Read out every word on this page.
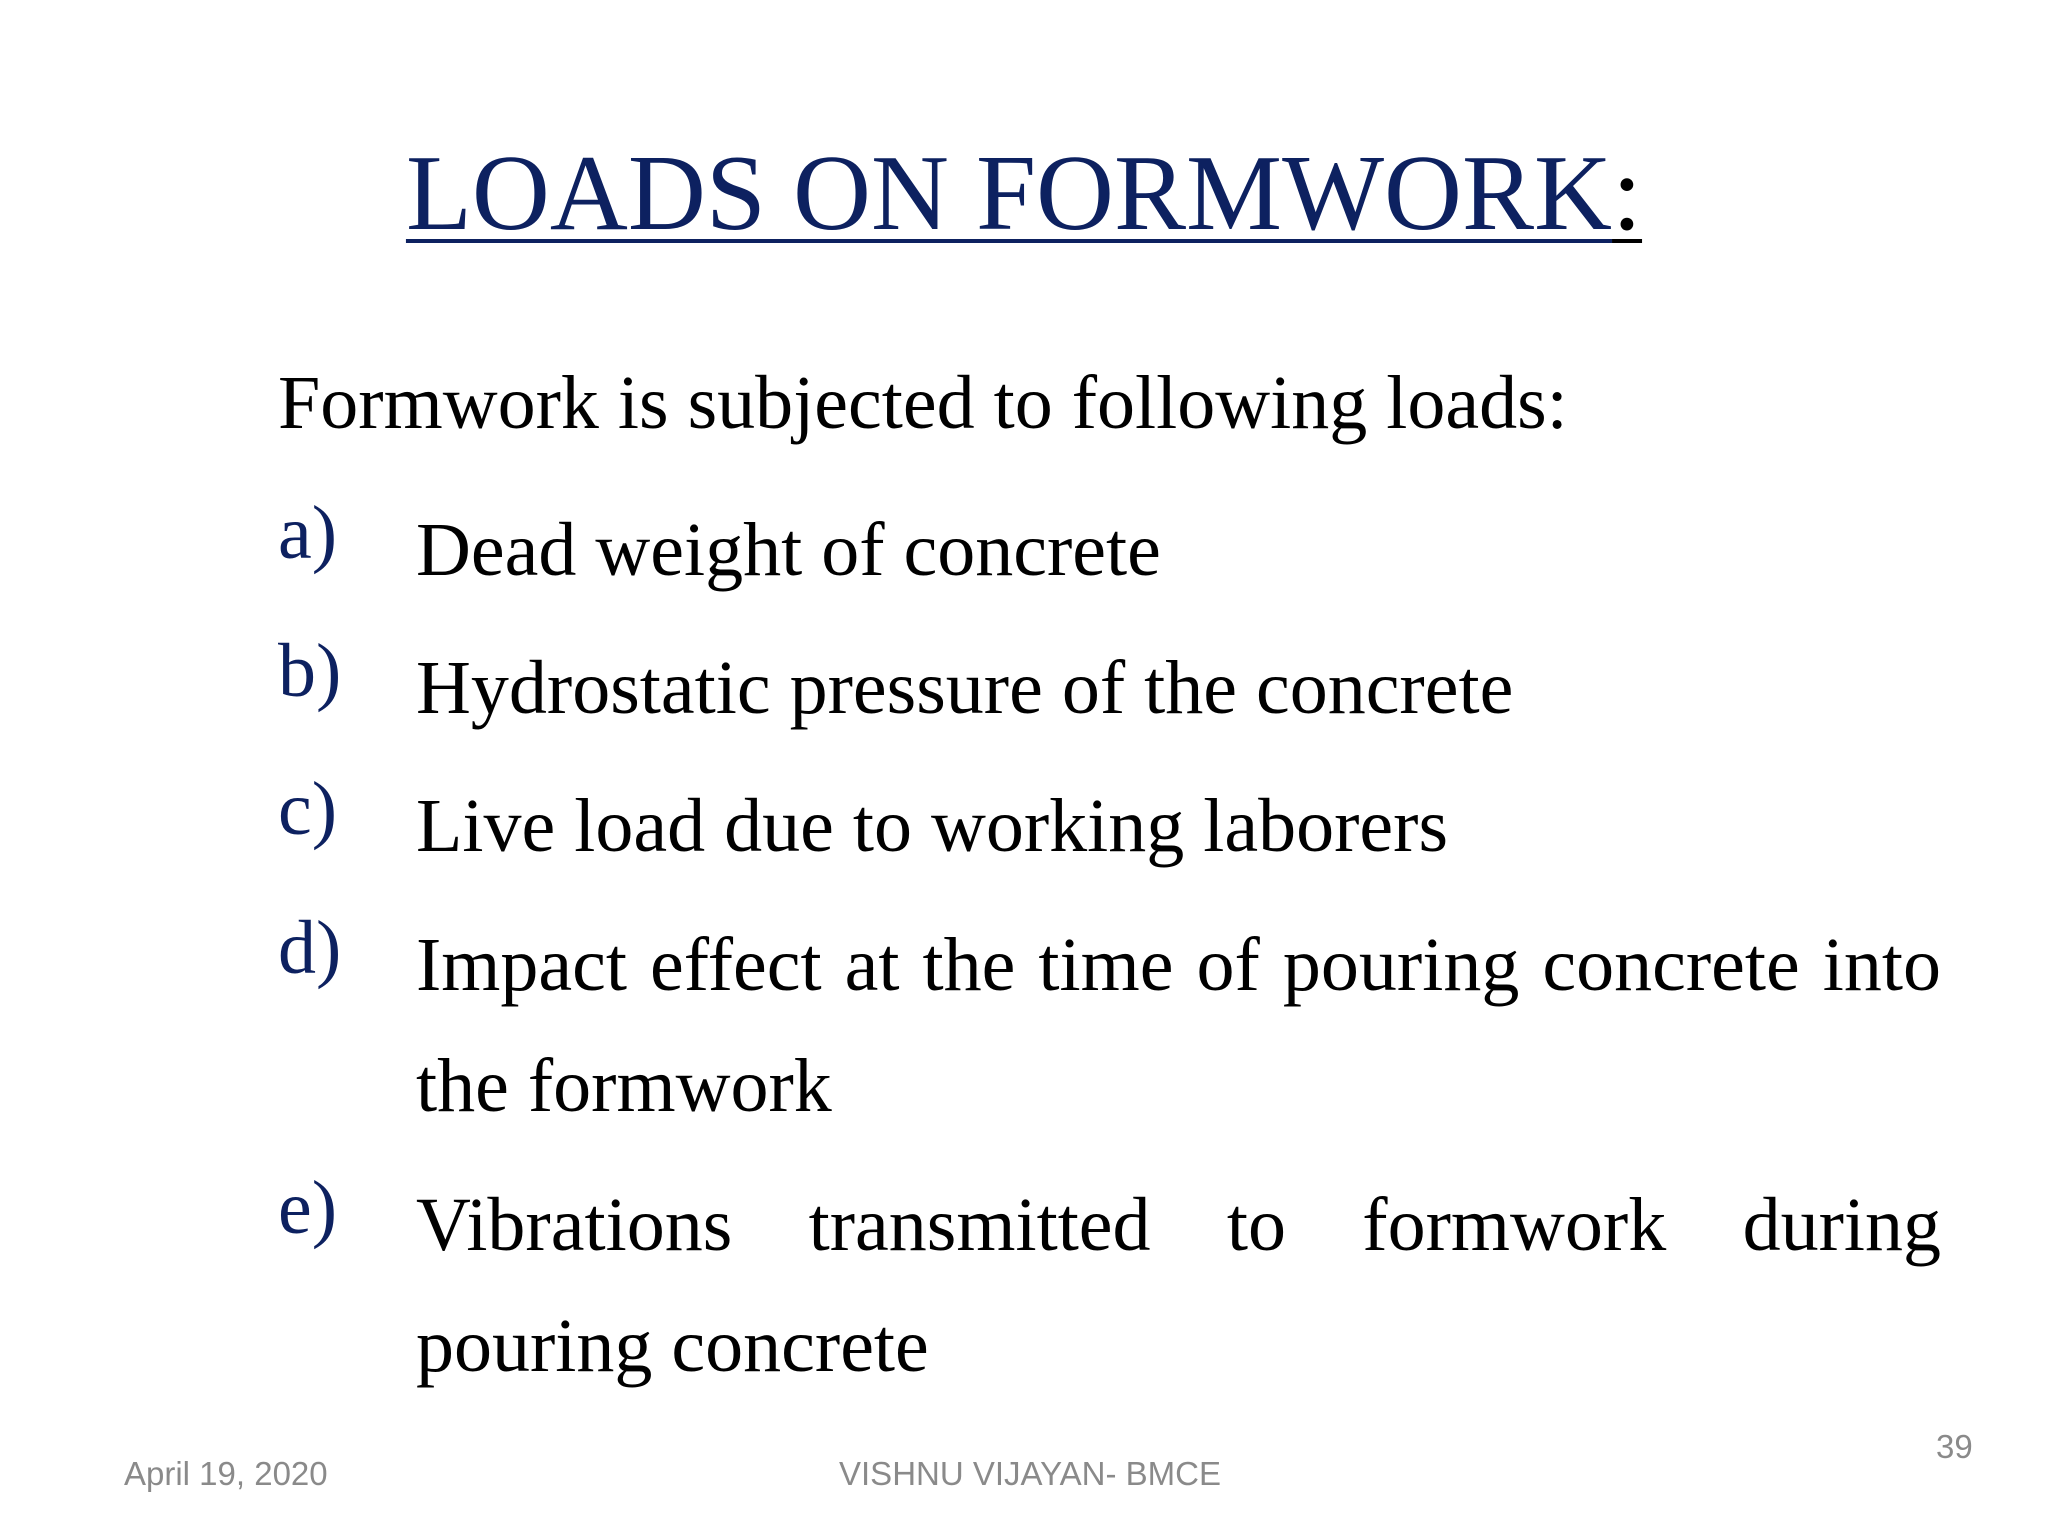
LOADS ON FORMWORK:
Formwork is subjected to following loads:
a) Dead weight of concrete
b) Hydrostatic pressure of the concrete
c) Live load due to working laborers
d) Impact effect at the time of pouring concrete into the formwork
e) Vibrations transmitted to formwork during pouring concrete
April 19, 2020	VISHNU VIJAYAN- BMCE
39
